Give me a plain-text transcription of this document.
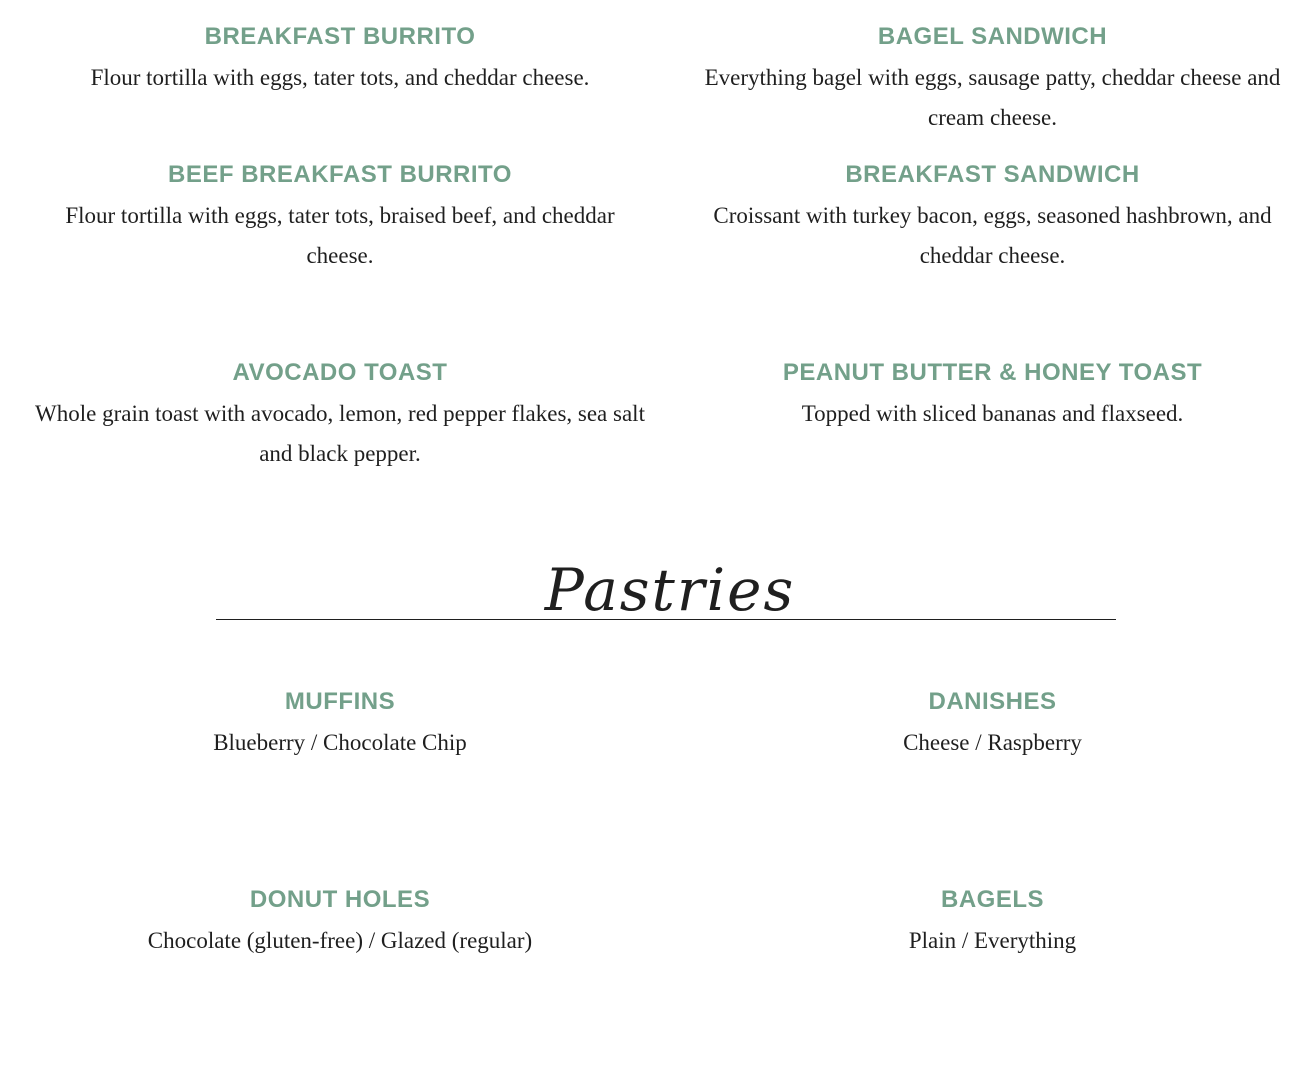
BREAKFAST BURRITO
Flour tortilla with eggs, tater tots, and cheddar cheese.
BAGEL SANDWICH
Everything bagel with eggs, sausage patty, cheddar cheese and cream cheese.
BEEF BREAKFAST BURRITO
Flour tortilla with eggs, tater tots, braised beef, and cheddar cheese.
BREAKFAST SANDWICH
Croissant with turkey bacon, eggs, seasoned hashbrown, and cheddar cheese.
AVOCADO TOAST
Whole grain toast with avocado, lemon, red pepper flakes, sea salt and black pepper.
PEANUT BUTTER & HONEY TOAST
Topped with sliced bananas and flaxseed.
Pastries
MUFFINS
Blueberry / Chocolate Chip
DANISHES
Cheese / Raspberry
DONUT HOLES
Chocolate (gluten-free) / Glazed (regular)
BAGELS
Plain / Everything
